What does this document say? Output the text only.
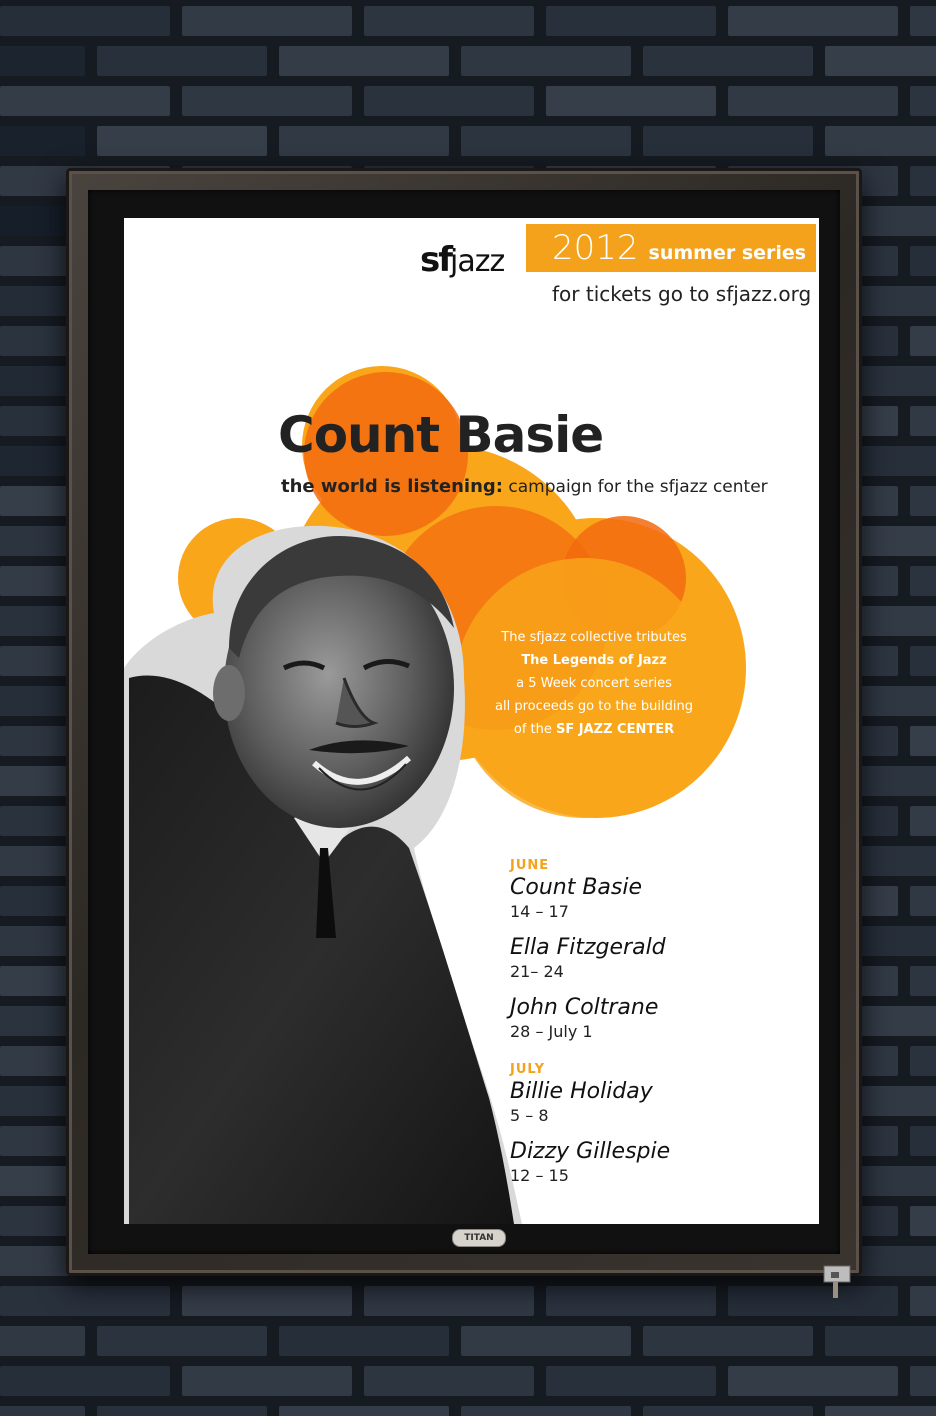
sf
jazz 2012 summer series
for tickets go to sfjazz.org
Count Basie
the world is listening: campaign for the sfjazz center
The sfjazz collective tributes
The Legends of Jazz
a 5 Week concert series
all proceeds go to the building
of the SF JAZZ CENTER
JUNE
Count Basie
14 – 17
Ella Fitzgerald
21– 24
John Coltrane
28 – July 1
JULY
Billie Holiday
5 – 8
Dizzy Gillespie
12 – 15
TITAN
